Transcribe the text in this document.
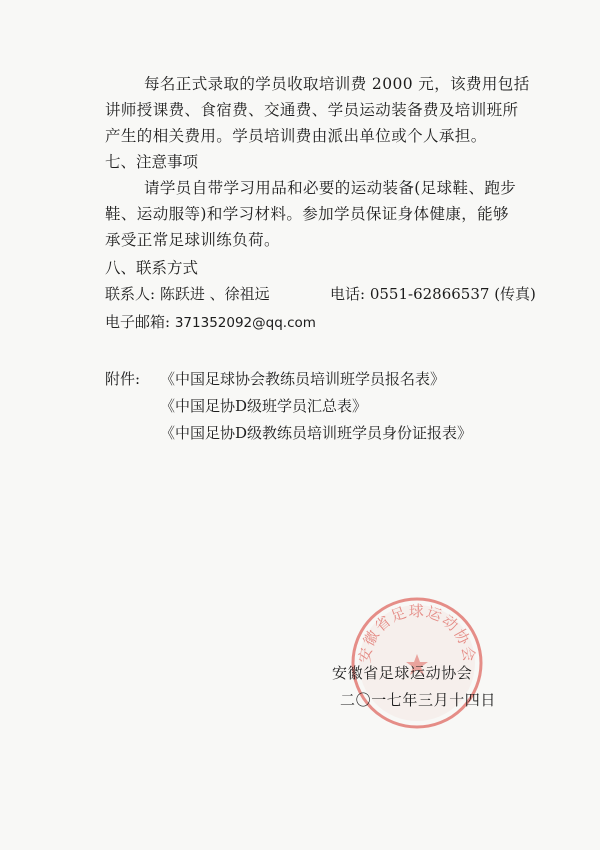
每名正式录取的学员收取培训费 2000 元，该费用包括
讲师授课费、食宿费、交通费、学员运动装备费及培训班所
产生的相关费用。学员培训费由派出单位或个人承担。
七、注意事项
请学员自带学习用品和必要的运动装备(足球鞋、跑步
鞋、运动服等)和学习材料。参加学员保证身体健康，能够
承受正常足球训练负荷。
八、联系方式
联系人: 陈跃进 、徐祖远	电话: 0551-62866537 (传真)
电子邮箱: 371352092@qq.com
附件: 《中国足球协会教练员培训班学员报名表》
《中国足协D级班学员汇总表》
《中国足协D级教练员培训班学员身份证报表》
安徽省足球运动协会
安徽省足球运动协会
二〇一七年三月十四日
